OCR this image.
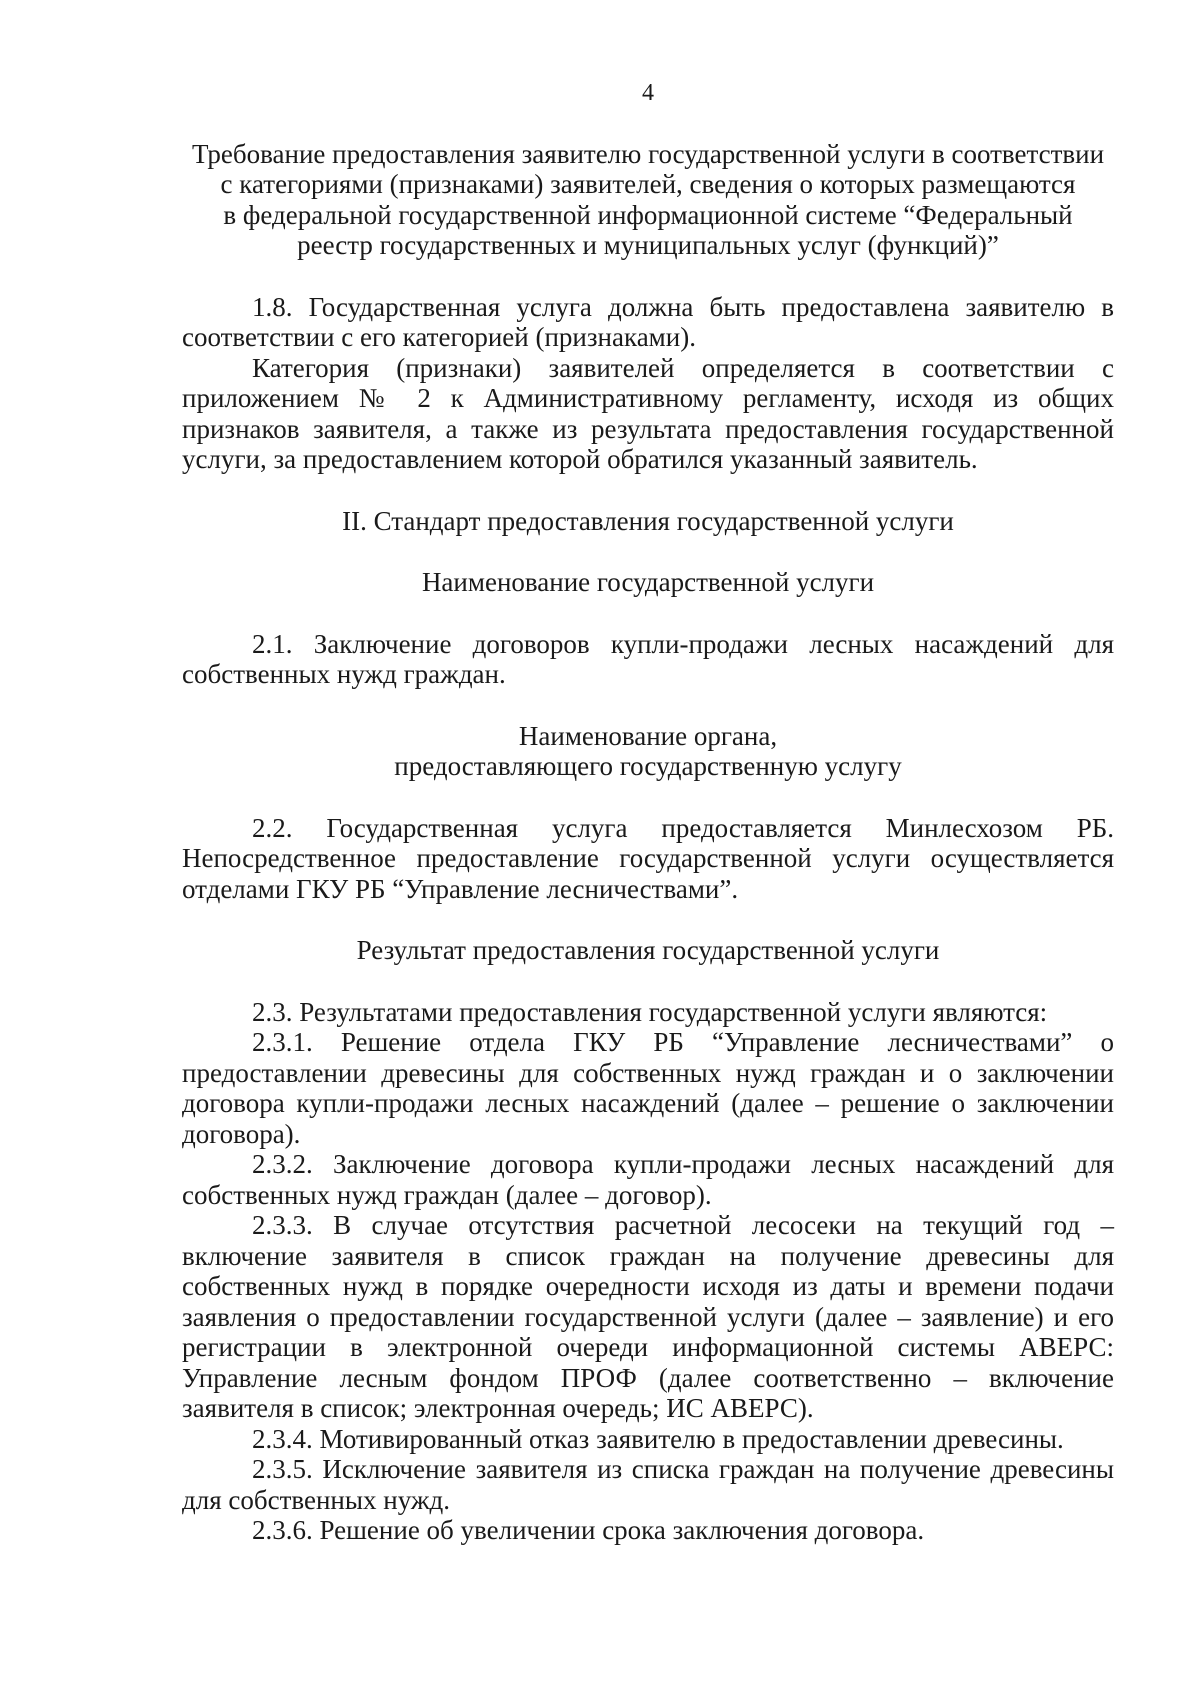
4

Требование предоставления заявителю государственной услуги в соответствии

с категориями (признаками) заявителей, сведения о которых размещаются

в федеральной государственной информационной системе “Федеральный

реестр государственных и муниципальных услуг (функций)”

1.8. Государственная услуга должна быть предоставлена заявителю в соответствии с его категорией (признаками).

Категория (признаки) заявителей определяется в соответствии с приложением № 2 к Административному регламенту, исходя из общих признаков заявителя, а также из результата предоставления государственной услуги, за предоставлением которой обратился указанный заявитель.

II. Стандарт предоставления государственной услуги

Наименование государственной услуги

2.1. Заключение договоров купли-продажи лесных насаждений для собственных нужд граждан.

Наименование органа,

предоставляющего государственную услугу

2.2. Государственная услуга предоставляется Минлесхозом РБ. Непосредственное предоставление государственной услуги осуществляется отделами ГКУ РБ “Управление лесничествами”.

Результат предоставления государственной услуги

2.3. Результатами предоставления государственной услуги являются:

2.3.1. Решение отдела ГКУ РБ “Управление лесничествами” о предоставлении древесины для собственных нужд граждан и о заключении договора купли-продажи лесных насаждений (далее – решение о заключении договора).

2.3.2. Заключение договора купли-продажи лесных насаждений для собственных нужд граждан (далее – договор).

2.3.3. В случае отсутствия расчетной лесосеки на текущий год – включение заявителя в список граждан на получение древесины для собственных нужд в порядке очередности исходя из даты и времени подачи заявления о предоставлении государственной услуги (далее – заявление) и его регистрации в электронной очереди информационной системы АВЕРС: Управление лесным фондом ПРОФ (далее соответственно – включение заявителя в список; электронная очередь; ИС АВЕРС).

2.3.4. Мотивированный отказ заявителю в предоставлении древесины.

2.3.5. Исключение заявителя из списка граждан на получение древесины для собственных нужд.

2.3.6. Решение об увеличении срока заключения договора.
